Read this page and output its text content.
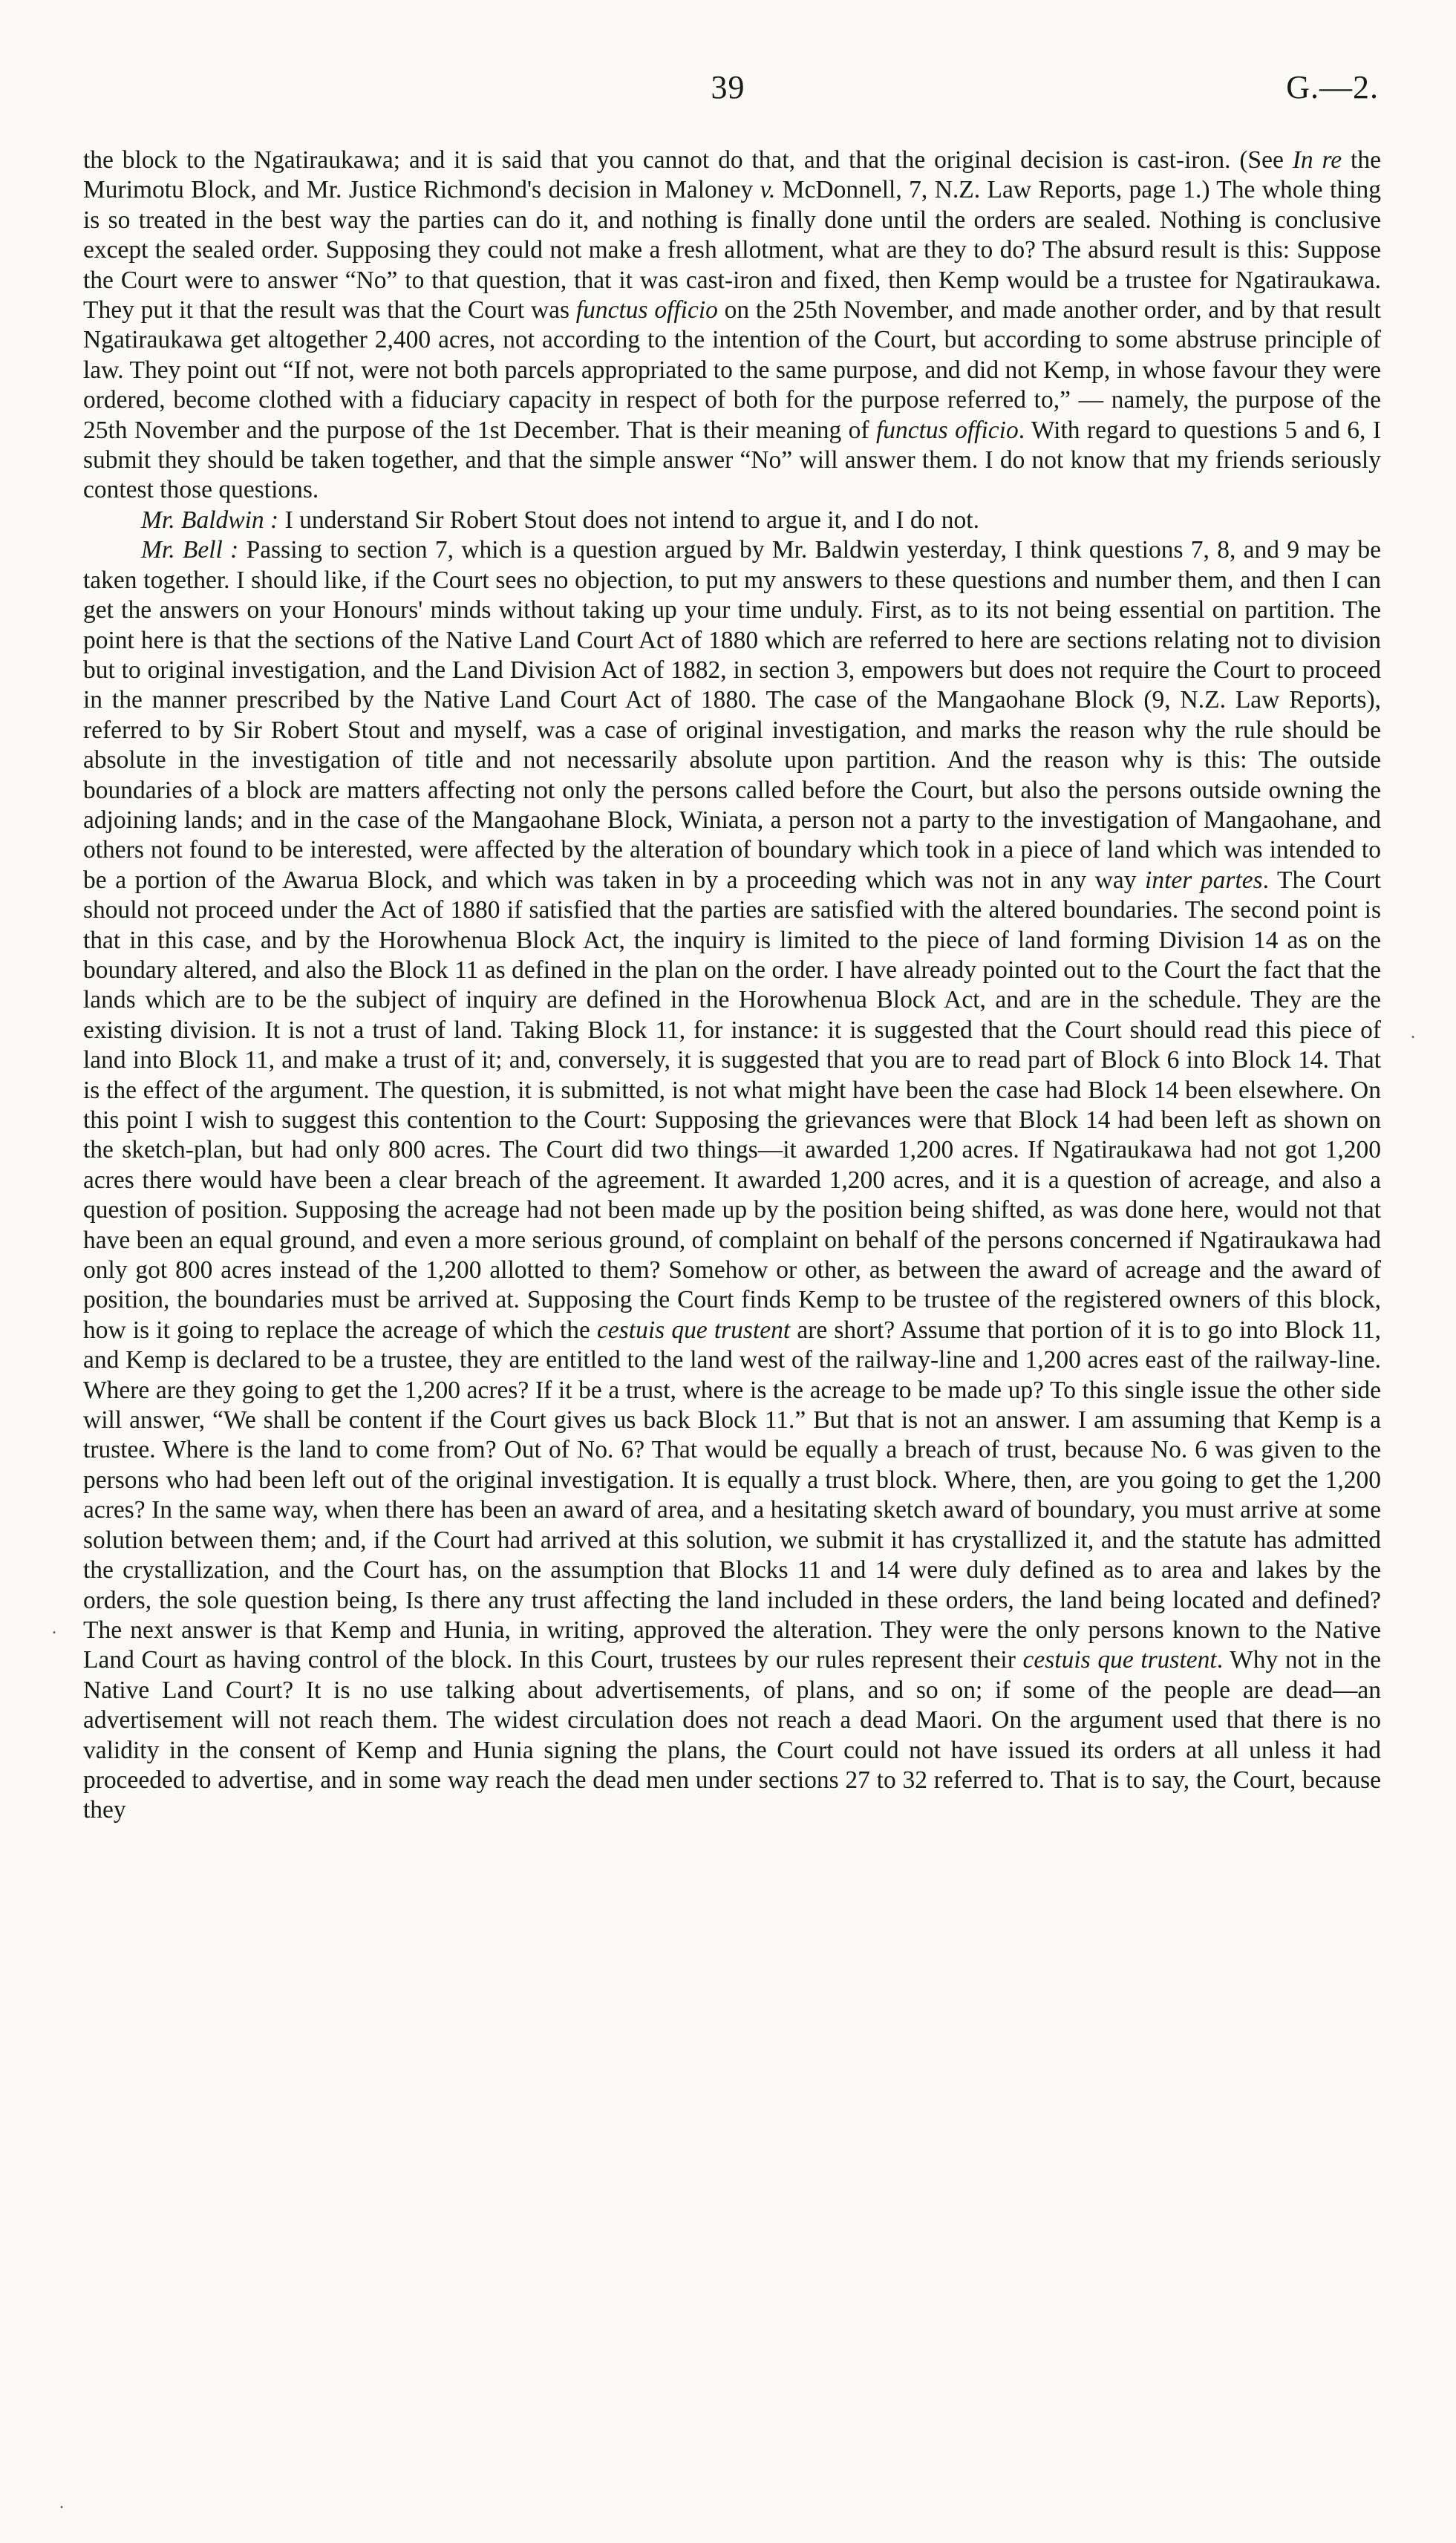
39	G.—2.

the block to the Ngatiraukawa; and it is said that you cannot do that, and that the original decision is cast-iron. (See In re the Murimotu Block, and Mr. Justice Richmond's decision in Maloney v. McDonnell, 7, N.Z. Law Reports, page 1.) The whole thing is so treated in the best way the parties can do it, and nothing is finally done until the orders are sealed. Nothing is conclusive except the sealed order. Supposing they could not make a fresh allotment, what are they to do? The absurd result is this: Suppose the Court were to answer “No” to that question, that it was cast-iron and fixed, then Kemp would be a trustee for Ngatiraukawa. They put it that the result was that the Court was functus officio on the 25th November, and made another order, and by that result Ngatiraukawa get altogether 2,400 acres, not according to the intention of the Court, but according to some abstruse principle of law. They point out “If not, were not both parcels appropriated to the same purpose, and did not Kemp, in whose favour they were ordered, become clothed with a fiduciary capacity in respect of both for the purpose referred to,” — namely, the purpose of the 25th November and the purpose of the 1st December. That is their meaning of functus officio. With regard to questions 5 and 6, I submit they should be taken together, and that the simple answer “No” will answer them. I do not know that my friends seriously contest those questions.

Mr. Baldwin : I understand Sir Robert Stout does not intend to argue it, and I do not.

Mr. Bell : Passing to section 7, which is a question argued by Mr. Baldwin yesterday, I think questions 7, 8, and 9 may be taken together. I should like, if the Court sees no objection, to put my answers to these questions and number them, and then I can get the answers on your Honours' minds without taking up your time unduly. First, as to its not being essential on partition. The point here is that the sections of the Native Land Court Act of 1880 which are referred to here are sections relating not to division but to original investigation, and the Land Division Act of 1882, in section 3, empowers but does not require the Court to proceed in the manner prescribed by the Native Land Court Act of 1880. The case of the Mangaohane Block (9, N.Z. Law Reports), referred to by Sir Robert Stout and myself, was a case of original investigation, and marks the reason why the rule should be absolute in the investigation of title and not necessarily absolute upon partition. And the reason why is this: The outside boundaries of a block are matters affecting not only the persons called before the Court, but also the persons outside owning the adjoining lands; and in the case of the Mangaohane Block, Winiata, a person not a party to the investigation of Mangaohane, and others not found to be interested, were affected by the alteration of boundary which took in a piece of land which was intended to be a portion of the Awarua Block, and which was taken in by a proceeding which was not in any way inter partes. The Court should not proceed under the Act of 1880 if satisfied that the parties are satisfied with the altered boundaries. The second point is that in this case, and by the Horowhenua Block Act, the inquiry is limited to the piece of land forming Division 14 as on the boundary altered, and also the Block 11 as defined in the plan on the order. I have already pointed out to the Court the fact that the lands which are to be the subject of inquiry are defined in the Horowhenua Block Act, and are in the schedule. They are the existing division. It is not a trust of land. Taking Block 11, for instance: it is suggested that the Court should read this piece of land into Block 11, and make a trust of it; and, conversely, it is suggested that you are to read part of Block 6 into Block 14. That is the effect of the argument. The question, it is submitted, is not what might have been the case had Block 14 been elsewhere. On this point I wish to suggest this contention to the Court: Supposing the grievances were that Block 14 had been left as shown on the sketch-plan, but had only 800 acres. The Court did two things—it awarded 1,200 acres. If Ngatiraukawa had not got 1,200 acres there would have been a clear breach of the agreement. It awarded 1,200 acres, and it is a question of acreage, and also a question of position. Supposing the acreage had not been made up by the position being shifted, as was done here, would not that have been an equal ground, and even a more serious ground, of complaint on behalf of the persons concerned if Ngatiraukawa had only got 800 acres instead of the 1,200 allotted to them? Somehow or other, as between the award of acreage and the award of position, the boundaries must be arrived at. Supposing the Court finds Kemp to be trustee of the registered owners of this block, how is it going to replace the acreage of which the cestuis que trustent are short? Assume that portion of it is to go into Block 11, and Kemp is declared to be a trustee, they are entitled to the land west of the railway-line and 1,200 acres east of the railway-line. Where are they going to get the 1,200 acres? If it be a trust, where is the acreage to be made up? To this single issue the other side will answer, “We shall be content if the Court gives us back Block 11.” But that is not an answer. I am assuming that Kemp is a trustee. Where is the land to come from? Out of No. 6? That would be equally a breach of trust, because No. 6 was given to the persons who had been left out of the original investigation. It is equally a trust block. Where, then, are you going to get the 1,200 acres? In the same way, when there has been an award of area, and a hesitating sketch award of boundary, you must arrive at some solution between them; and, if the Court had arrived at this solution, we submit it has crystallized it, and the statute has admitted the crystallization, and the Court has, on the assumption that Blocks 11 and 14 were duly defined as to area and lakes by the orders, the sole question being, Is there any trust affecting the land included in these orders, the land being located and defined? The next answer is that Kemp and Hunia, in writing, approved the alteration. They were the only persons known to the Native Land Court as having control of the block. In this Court, trustees by our rules represent their cestuis que trustent. Why not in the Native Land Court? It is no use talking about advertisements, of plans, and so on; if some of the people are dead—an advertisement will not reach them. The widest circulation does not reach a dead Maori. On the argument used that there is no validity in the consent of Kemp and Hunia signing the plans, the Court could not have issued its orders at all unless it had proceeded to advertise, and in some way reach the dead men under sections 27 to 32 referred to. That is to say, the Court, because they

.
.
.
